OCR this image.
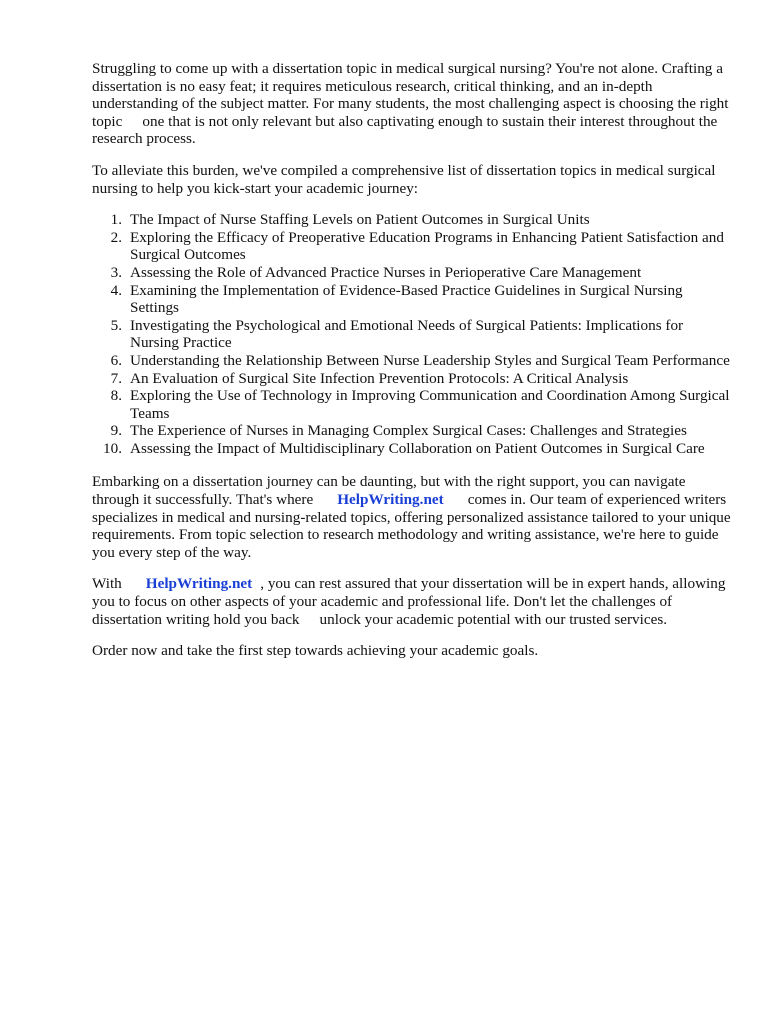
Struggling to come up with a dissertation topic in medical surgical nursing? You're not alone. Crafting a dissertation is no easy feat; it requires meticulous research, critical thinking, and an in-depth understanding of the subject matter. For many students, the most challenging aspect is choosing the right topic one that is not only relevant but also captivating enough to sustain their interest throughout the research process.

To alleviate this burden, we've compiled a comprehensive list of dissertation topics in medical surgical nursing to help you kick-start your academic journey:

1. The Impact of Nurse Staffing Levels on Patient Outcomes in Surgical Units
2. Exploring the Efficacy of Preoperative Education Programs in Enhancing Patient Satisfaction and Surgical Outcomes
3. Assessing the Role of Advanced Practice Nurses in Perioperative Care Management
4. Examining the Implementation of Evidence-Based Practice Guidelines in Surgical Nursing Settings
5. Investigating the Psychological and Emotional Needs of Surgical Patients: Implications for Nursing Practice
6. Understanding the Relationship Between Nurse Leadership Styles and Surgical Team Performance
7. An Evaluation of Surgical Site Infection Prevention Protocols: A Critical Analysis
8. Exploring the Use of Technology in Improving Communication and Coordination Among Surgical Teams
9. The Experience of Nurses in Managing Complex Surgical Cases: Challenges and Strategies
10. Assessing the Impact of Multidisciplinary Collaboration on Patient Outcomes in Surgical Care

Embarking on a dissertation journey can be daunting, but with the right support, you can navigate through it successfully. That's where HelpWriting.net comes in. Our team of experienced writers specializes in medical and nursing-related topics, offering personalized assistance tailored to your unique requirements. From topic selection to research methodology and writing assistance, we're here to guide you every step of the way.

With HelpWriting.net , you can rest assured that your dissertation will be in expert hands, allowing you to focus on other aspects of your academic and professional life. Don't let the challenges of dissertation writing hold you back unlock your academic potential with our trusted services.

Order now and take the first step towards achieving your academic goals.
